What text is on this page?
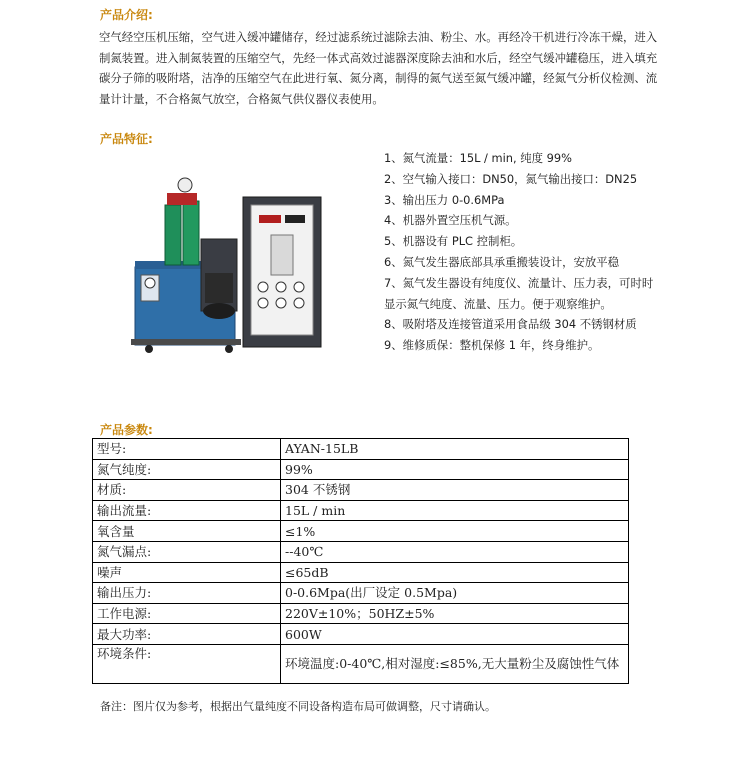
产品介绍:
空气经空压机压缩，空气进入缓冲罐储存，经过滤系统过滤除去油、粉尘、水。再经冷干机进行冷冻干燥，进入制氮装置。进入制氮装置的压缩空气，先经一体式高效过滤器深度除去油和水后，经空气缓冲罐稳压，进入填充碳分子筛的吸附塔，洁净的压缩空气在此进行氧、氮分离，制得的氮气送至氮气缓冲罐，经氮气分析仪检测、流量计计量，不合格氮气放空，合格氮气供仪器仪表使用。
产品特征:
1、氮气流量：15L / min, 纯度 99%
2、空气输入接口：DN50，氮气输出接口：DN25
3、输出压力 0-0.6MPa
4、机器外置空压机气源。
5、机器设有 PLC 控制柜。
6、氮气发生器底部具承重搬装设计，安放平稳
7、氮气发生器设有纯度仪、流量计、压力表，可时时显示氮气纯度、流量、压力。便于观察维护。
8、吸附塔及连接管道采用食品级 304 不锈钢材质
9、维修质保：整机保修 1 年，终身维护。
产品参数:
型号:	AYAN-15LB
氮气纯度:	99%
材质:	304 不锈钢
输出流量:	15L / min
氧含量	≤1%
氮气漏点:	--40℃
噪声	≤65dB
输出压力:	0-0.6Mpa(出厂设定 0.5Mpa)
工作电源:	220V±10%；50HZ±5%
最大功率:	600W
环境条件:	环境温度:0-40℃,相对湿度:≤85%,无大量粉尘及腐蚀性气体
备注：图片仅为参考，根据出气量纯度不同设备构造布局可做调整，尺寸请确认。
